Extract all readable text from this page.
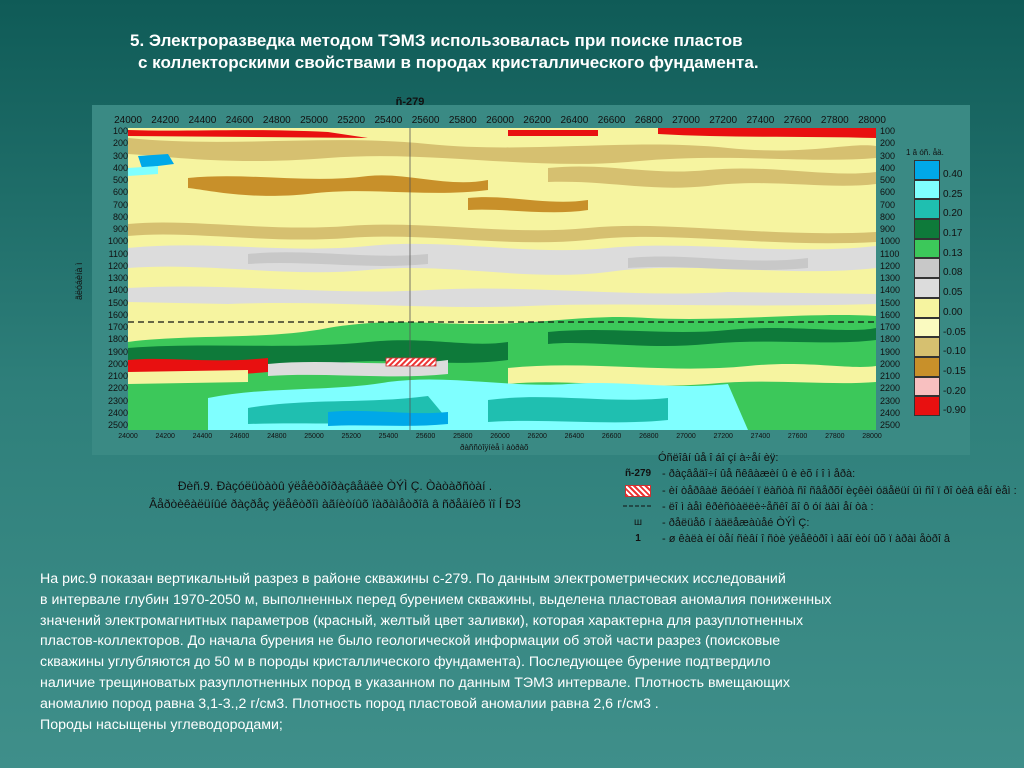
5. Электроразведка методом ТЭМЗ использовалась при поиске пластов
с коллекторскими свойствами в породах кристаллического фундамента.
ñ-279
24000 24200 24400 24600 24800 25000 25200 25400 25600 25800 26000 26200 26400 26600 26800 27000 27200 27400 27600 27800 28000
24000	24200	24400	24600	24800	25000	25200	25400	25600	25800	26000	26200	26400	26600	26800	27000	27200	27400	27600	27800	28000
100
200
300
400
500
600
700
800
900
1000
1100
1200
1300
1400
1500
1600
1700
1800
1900
2000
2100
2200
2300
2400
2500
100
200
300
400
500
600
700
800
900
1000
1100
1200
1300
1400
1500
1600
1700
1800
1900
2000
2100
2200
2300
2400
2500
ãëóáèíà ì
ðàññòîÿíèå ì àòðàõ
1 â óñ. åä.
0.40
0.25
0.20
0.17
0.13
0.08
0.05
0.00
-0.05
-0.10
-0.15
-0.20
-0.90
Ðèñ.9. Ðàçóëüòàòû ýëåêòðîðàçâåäêè ÒÝÌ Ç. Òàòàðñòàí .
Âåðòèêàëüíûé ðàçðåç ýëåêòðîì àãíèòíûõ ïàðàìåòðîâ â ñðåäíèõ ïî Í Ð3
Óñëîâí ûå î áî çí à÷åí èÿ:
ñ-279 - ðàçâåäî÷í ûå ñêâàæèí û è èõ í î ì åðà:
- èí òåðâàë ãëóáèí ï ëàñòà ñî ñâåðõí èçêèì óäåëüí ûì ñî ï ðî òèâ ëåí èåì :
- ëî ì àåì êðèñòàëëè÷åñêî ãî ô óí äàì åí òà :
ш	- ðåëüåô í àäëåæàùåé ÒÝÌ Ç:
1	- ø êàëà èí òåí ñèâí î ñòè ýëåêòðî ì àãí èòí ûõ ï àðàì åòðî â
На рис.9 показан вертикальный разрез в районе скважины с-279. По данным электрометрических исследований
в интервале глубин 1970-2050 м, выполненных перед бурением скважины, выделена пластовая аномалия пониженных
значений электромагнитных параметров (красный, желтый цвет заливки), которая характерна для разуплотненных
пластов-коллекторов. До начала бурения не было геологической информации об этой части разрез (поисковые
скважины углубляются до 50 м в породы кристаллического фундамента). Последующее бурение подтвердило
наличие трещиноватых разуплотненных пород в указанном по данным ТЭМЗ интервале. Плотность вмещающих
аномалию пород равна 3,1-3.,2 г/см3. Плотность пород пластовой аномалии равна 2,6 г/см3 .
Породы насыщены углеводородами;
